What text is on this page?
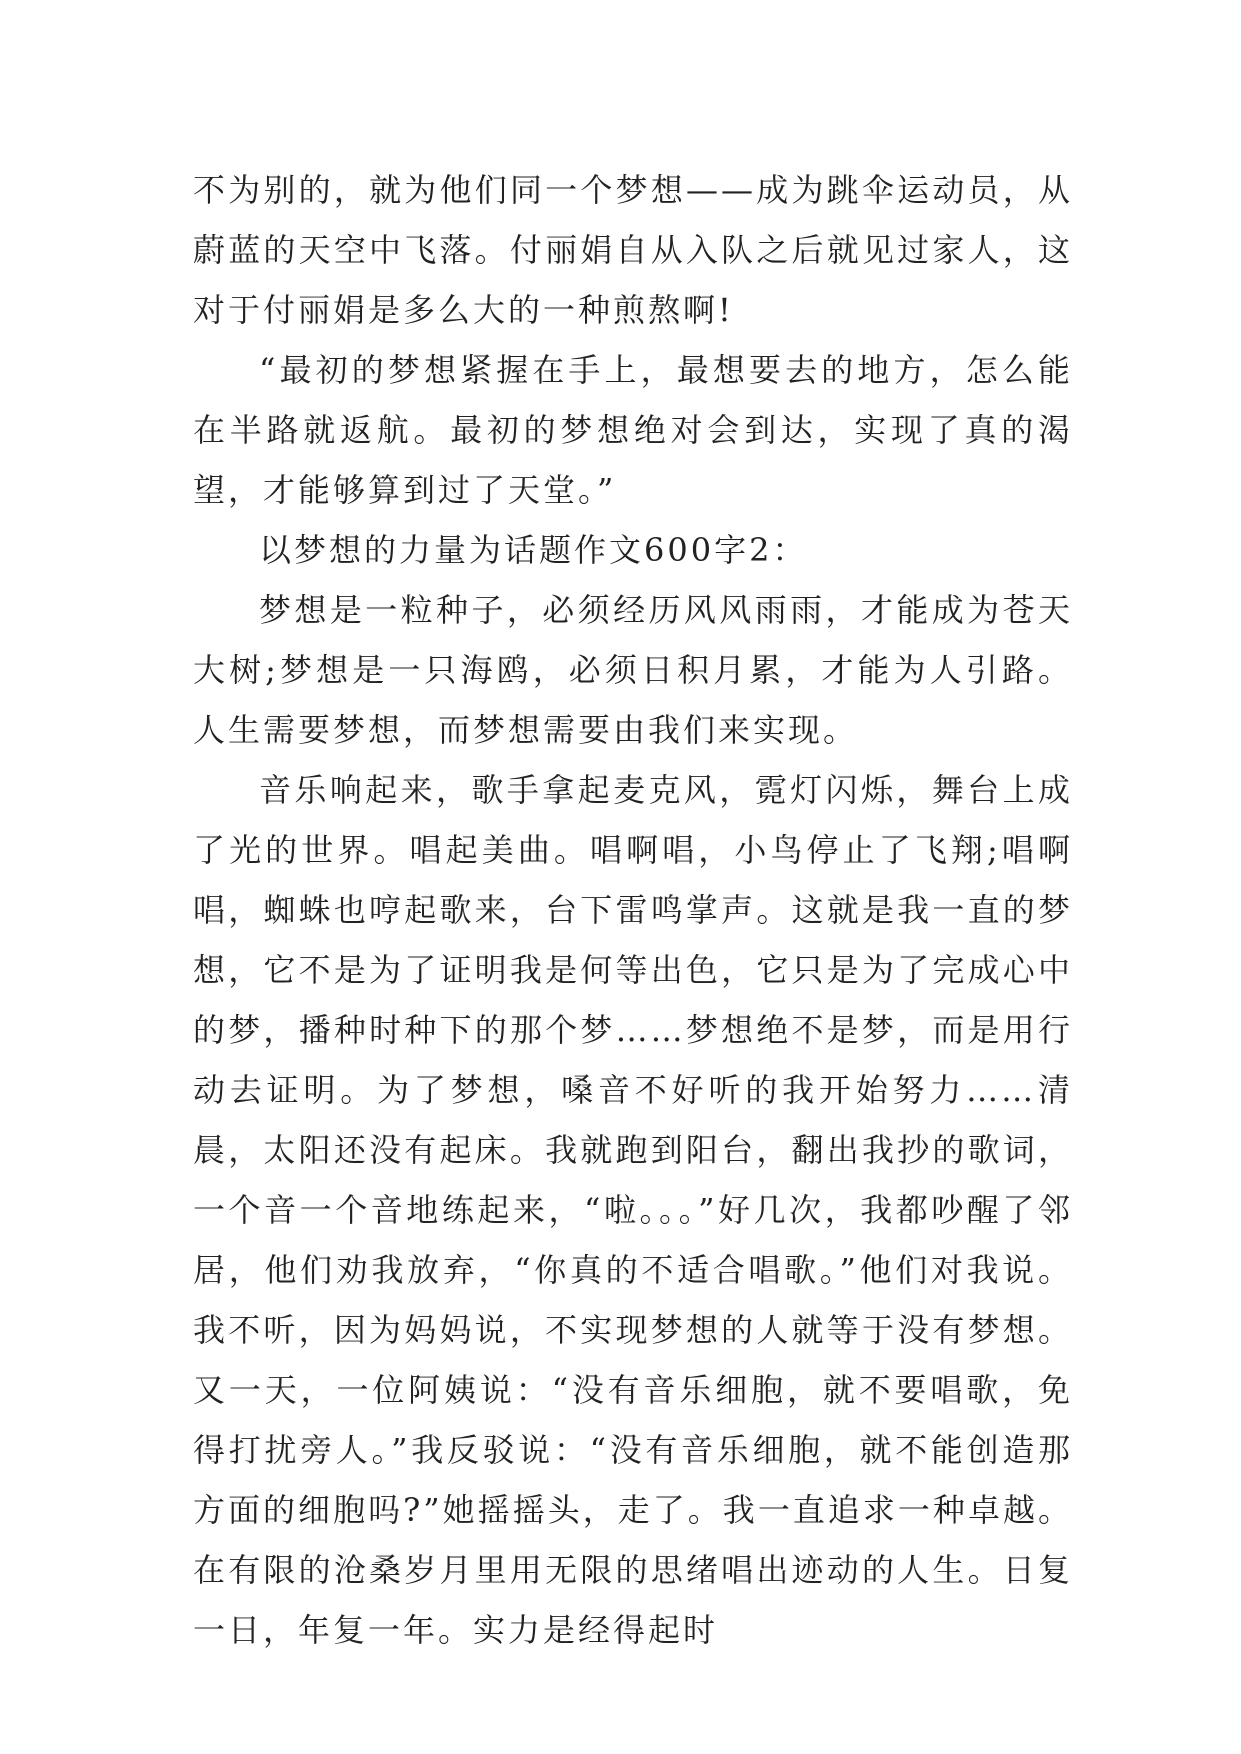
不为别的，就为他们同一个梦想——成为跳伞运动员，从蔚蓝的天空中飞落。付丽娟自从入队之后就见过家人，这对于付丽娟是多么大的一种煎熬啊!

“最初的梦想紧握在手上，最想要去的地方，怎么能在半路就返航。最初的梦想绝对会到达，实现了真的渴望，才能够算到过了天堂。”

以梦想的力量为话题作文600字2：

梦想是一粒种子，必须经历风风雨雨，才能成为苍天大树;梦想是一只海鸥，必须日积月累，才能为人引路。人生需要梦想，而梦想需要由我们来实现。

音乐响起来，歌手拿起麦克风，霓灯闪烁，舞台上成了光的世界。唱起美曲。唱啊唱，小鸟停止了飞翔;唱啊唱，蜘蛛也哼起歌来，台下雷鸣掌声。这就是我一直的梦想，它不是为了证明我是何等出色，它只是为了完成心中的梦，播种时种下的那个梦……梦想绝不是梦，而是用行动去证明。为了梦想，嗓音不好听的我开始努力……清晨，太阳还没有起床。我就跑到阳台，翻出我抄的歌词，一个音一个音地练起来，“啦。。。”好几次，我都吵醒了邻居，他们劝我放弃，“你真的不适合唱歌。”他们对我说。我不听，因为妈妈说，不实现梦想的人就等于没有梦想。又一天，一位阿姨说：“没有音乐细胞，就不要唱歌，免得打扰旁人。”我反驳说：“没有音乐细胞，就不能创造那方面的细胞吗?”她摇摇头，走了。我一直追求一种卓越。在有限的沧桑岁月里用无限的思绪唱出迹动的人生。日复一日，年复一年。实力是经得起时
